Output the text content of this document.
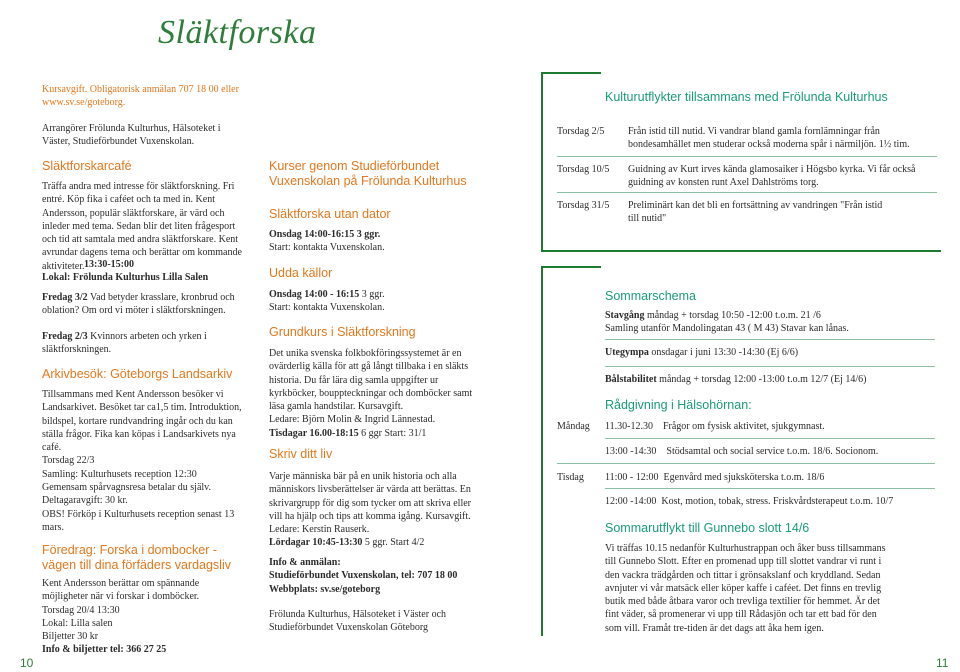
Släktforska
Kursavgift. Obligatorisk anmälan 707 18 00 eller www.sv.se/goteborg.
Arrangörer Frölunda Kulturhus, Hälsoteket i Väster, Studieförbundet Vuxenskolan.
Släktforskarcafé
Träffa andra med intresse för släktforskning. Fri entré. Köp fika i caféet och ta med in. Kent Andersson, populär släktforskare, är värd och inleder med tema. Sedan blir det liten frågesport och tid att samtala med andra släktforskare. Kent avrundar dagens tema och berättar om kommande aktiviteter. 13:30-15:00
Lokal: Frölunda Kulturhus Lilla Salen
Fredag 3/2 Vad betyder krasslare, kronbrud och oblation? Om ord vi möter i släktforskningen.
Fredag 2/3 Kvinnors arbeten och yrken i släktforskningen.
Arkivbesök: Göteborgs Landsarkiv
Tillsammans med Kent Andersson besöker vi Landsarkivet. Besöket tar ca1,5 tim. Introduktion, bildspel, kortare rundvandring ingår och du kan ställa frågor. Fika kan köpas i Landsarkivets nya café.
Torsdag 22/3
Samling: Kulturhusets reception 12:30
Gemensam spårvagnsresa betalar du själv.
Deltagaravgift: 30 kr.
OBS! Förköp i Kulturhusets reception senast 13 mars.
Föredrag: Forska i dombocker - vägen till dina förfäders vardagsliv
Kent Andersson berättar om spännande möjligheter när vi forskar i domböcker.
Torsdag 20/4 13:30
Lokal: Lilla salen
Biljetter 30 kr
Info & biljetter tel: 366 27 25
10
Kurser genom Studieförbundet Vuxenskolan på Frölunda Kulturhus
Släktforska utan dator
Onsdag 14:00-16:15 3 ggr.
Start: kontakta Vuxenskolan.
Udda källor
Onsdag 14:00 - 16:15 3 ggr.
Start: kontakta Vuxenskolan.
Grundkurs i Släktforskning
Det unika svenska folkbokföringssystemet är en ovärderlig källa för att gå långt tillbaka i en släkts historia. Du får lära dig samla uppgifter ur kyrkböcker, bouppteckningar och domböcker samt läsa gamla handstilar. Kursavgift.
Ledare: Björn Molin & Ingrid Lännestad.
Tisdagar 16.00-18:15 6 ggr Start: 31/1
Skriv ditt liv
Varje människa bär på en unik historia och alla människors livsberättelser är värda att berättas. En skrivargrupp för dig som tycker om att skriva eller vill ha hjälp och tips att komma igång. Kursavgift.
Ledare: Kerstin Rauserk.
Lördagar 10:45-13:30 5 ggr. Start 4/2
Info & anmälan:
Studieförbundet Vuxenskolan, tel: 707 18 00
Webbplats: sv.se/goteborg
Frölunda Kulturhus, Hälsoteket i Väster och Studieförbundet Vuxenskolan Göteborg
Kulturutflykter tillsammans med Frölunda Kulturhus
Torsdag 2/5 Från istid till nutid. Vi vandrar bland gamla fornlämningar från bondesamhället men studerar också moderna spår i närmiljön. 1½ tim.
Torsdag 10/5 Guidning av Kurt irves kända glamosaiker i Högsbo kyrka. Vi får också guidning av konsten runt Axel Dahlströms torg.
Torsdag 31/5 Preliminärt kan det bli en fortsättning av vandringen "Från istid till nutid"
Sommarschema
Stavgång måndag + torsdag 10:50 -12:00 t.o.m. 21 /6
Samling utanför Mandolingatan 43 ( M 43) Stavar kan lånas.
Utegympa onsdagar i juni 13:30 -14:30 (Ej 6/6)
Bålstabilitet måndag + torsdag 12:00 -13:00 t.o.m 12/7 (Ej 14/6)
Rådgivning i Hälsohörnan:
Måndag 11.30-12.30    Frågor om fysisk aktivitet, sjukgymnast.
13:00 -14:30    Stödsamtal och social service t.o.m. 18/6. Socionom.
Tisdag 11:00 - 12:00  Egenvård med sjuksköterska t.o.m. 18/6
12:00 -14:00  Kost, motion, tobak, stress. Friskvårdsterapeut t.o.m. 10/7
Sommarutflykt till Gunnebo slott 14/6
Vi träffas 10.15 nedanför Kulturhustrappan och åker buss tillsammans till Gunnebo Slott. Efter en promenad upp till slottet vandrar vi runt i den vackra trädgården och tittar i grönsakslanf och kryddland. Sedan avnjuter vi vår matsäck eller köper kaffe i caféet. Det finns en trevlig butik med både åtbara varor och trevliga textilier för hemmet. Är det fint väder, så promenerar vi upp till Rådasjön och tar ett bad för den som vill. Framåt tre-tiden är det dags att åka hem igen.
11
